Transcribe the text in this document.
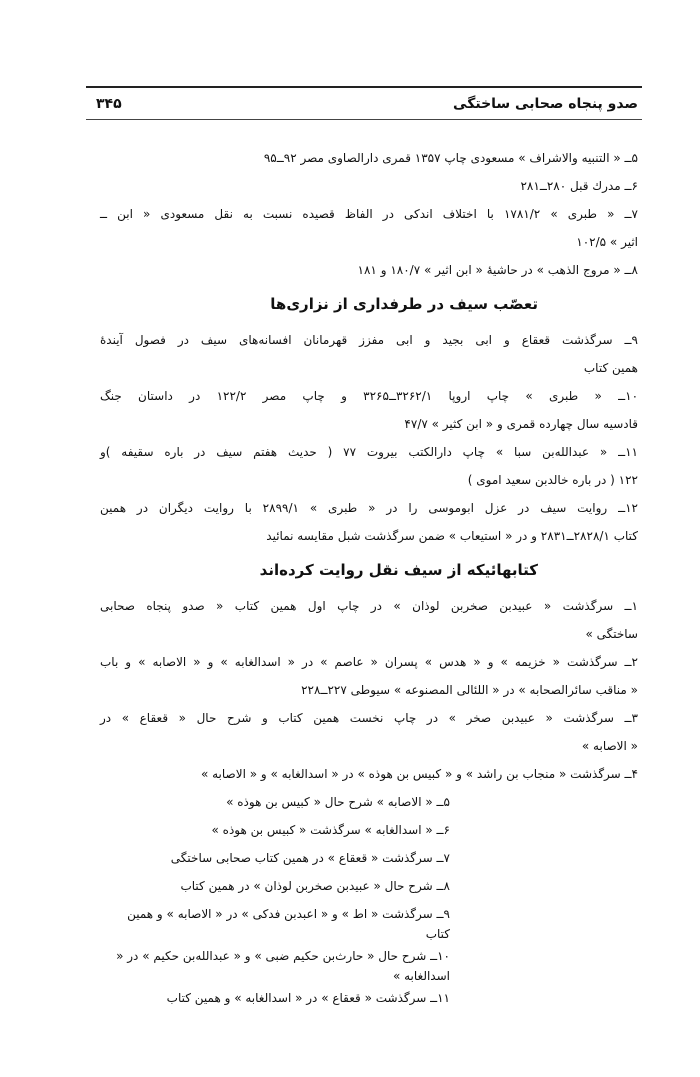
صدو پنجاه صحابی ساختگی
۳۴۵
۵ــ « التنبيه والاشراف » مسعودی چاپ ۱۳۵۷ قمری دارالصاوی مصر ۹۲ــ۹۵
۶ــ مدرك قبل ۲۸۰ــ۲۸۱
۷ــ « طبری » ۱۷۸۱/۲ با اختلاف اندكی در الفاظ قصیده نسبت به نقل مسعودی « ابن ــ
اثیر » ۱۰۲/۵
۸ــ « مروج الذهب » در حاشیهٔ « ابن اثیر » ۱۸۰/۷ و ۱۸۱
تعصّب سیف در طرفداری از نزاری‌ها
۹ــ سرگذشت قعقاع و ابی بجید و ابی مفزز قهرمانان افسانه‌های سیف در فصول آیندهٔ
همین كتاب
۱۰ــ « طبری » چاپ اروپا ۳۲۶۲/۱ــ۳۲۶۵ و چاپ مصر ۱۲۲/۲ در داستان جنگ
قادسیه سال چهارده قمری و « ابن كثیر » ۴۷/۷
۱۱ــ « عبدالله‌بن سبا » چاپ دارالكتب بیروت ۷۷ ( حدیث هفتم سیف در باره سقیفه )و
۱۲۲ ( در باره خالدبن سعید اموی )
۱۲ــ روایت سیف در عزل ابوموسی را در « طبری » ۲۸۹۹/۱ با روایت دیگران در همین
كتاب ۲۸۲۸/۱ــ۲۸۳۱ و در « استیعاب » ضمن سرگذشت شبل مقایسه نمائید
كتابهائیكه از سیف نقل روایت كرده‌اند
۱ــ سرگذشت « عبیدبن صخربن لوذان » در چاپ اول همین كتاب « صدو پنجاه صحابی
ساختگی »
۲ــ سرگذشت « خزیمه » و « هدس » پسران « عاصم » در « اسدالغابه » و « الاصابه » و باب
« مناقب سائرالصحابه » در « اللئالی المصنوعه » سیوطی ۲۲۷ــ۲۲۸
۳ــ سرگذشت « عبیدبن صخر » در چاپ نخست همین كتاب و شرح حال « قعقاع » در
« الاصابه »
۴ــ سرگذشت « منجاب بن راشد » و « كبیس بن هوذه » در « اسدالغابه » و « الاصابه »
۵ــ « الاصابه » شرح حال « كبیس بن هوذه »
۶ــ « اسدالغابه » سرگذشت « كبیس بن هوذه »
۷ــ سرگذشت « قعقاع » در همین كتاب صحابی ساختگی
۸ــ شرح حال « عبیدبن صخربن لوذان » در همین كتاب
۹ــ سرگذشت « اط » و « اعبدبن فدكی » در « الاصابه » و همین كتاب
۱۰ــ شرح حال « حارث‌بن حكیم ضبی » و « عبدالله‌بن حكیم » در « اسدالغابه »
۱۱ــ سرگذشت « قعقاع » در « اسدالغابه » و همین كتاب
